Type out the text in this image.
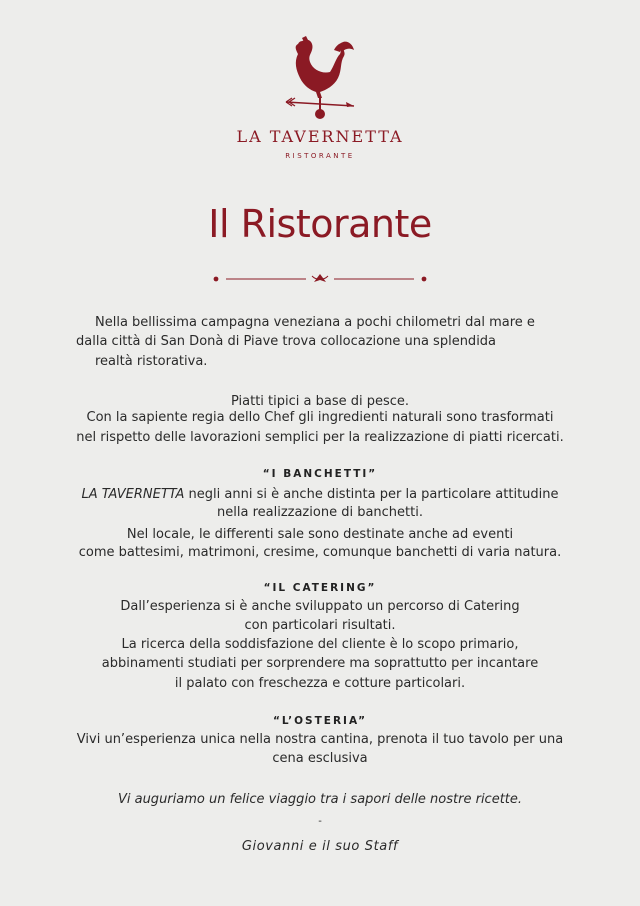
LA TAVERNETTA
RISTORANTE
Il Ristorante
Nella bellissima campagna veneziana a pochi chilometri dal mare e
dalla città di San Donà di Piave trova collocazione una splendida
realtà ristorativa.
Piatti tipici a base di pesce.
Con la sapiente regia dello Chef gli ingredienti naturali sono trasformati
nel rispetto delle lavorazioni semplici per la realizzazione di piatti ricercati.
“I BANCHETTI”
LA TAVERNETTA negli anni si è anche distinta per la particolare attitudine
nella realizzazione di banchetti.
Nel locale, le differenti sale sono destinate anche ad eventi
come battesimi, matrimoni, cresime, comunque banchetti di varia natura.
“IL CATERING”
Dall’esperienza si è anche sviluppato un percorso di Catering
con particolari risultati.
La ricerca della soddisfazione del cliente è lo scopo primario,
abbinamenti studiati per sorprendere ma soprattutto per incantare
il palato con freschezza e cotture particolari.
“L’OSTERIA”
Vivi un’esperienza unica nella nostra cantina, prenota il tuo tavolo per una
cena esclusiva
Vi auguriamo un felice viaggio tra i sapori delle nostre ricette.
-
Giovanni e il suo Staff
